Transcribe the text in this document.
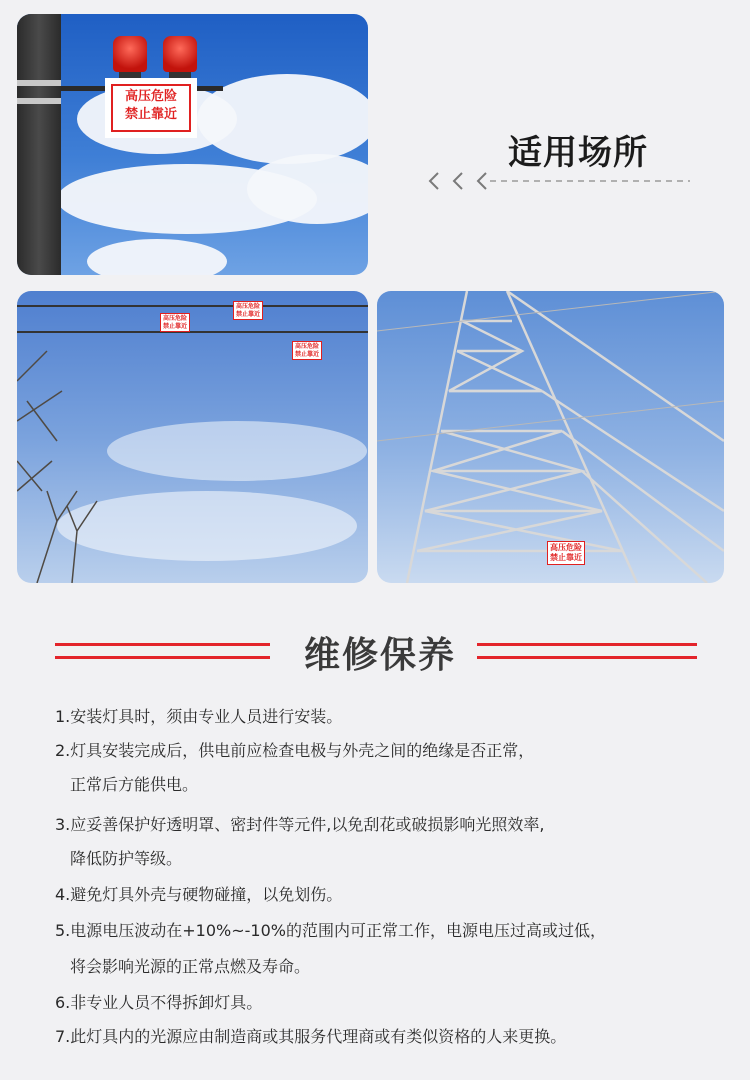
高压危险
禁止靠近
适用场所
高压危险
禁止靠近
高压危险
禁止靠近
高压危险
禁止靠近
高压危险
禁止靠近
维修保养
1.安装灯具时，须由专业人员进行安装。
2.灯具安装完成后，供电前应检查电极与外壳之间的绝缘是否正常，
正常后方能供电。
3.应妥善保护好透明罩、密封件等元件,以免刮花或破损影响光照效率,
降低防护等级。
4.避免灯具外壳与硬物碰撞，以免划伤。
5.电源电压波动在+10%~-10%的范围内可正常工作，电源电压过高或过低，
将会影响光源的正常点燃及寿命。
6.非专业人员不得拆卸灯具。
7.此灯具内的光源应由制造商或其服务代理商或有类似资格的人来更换。
